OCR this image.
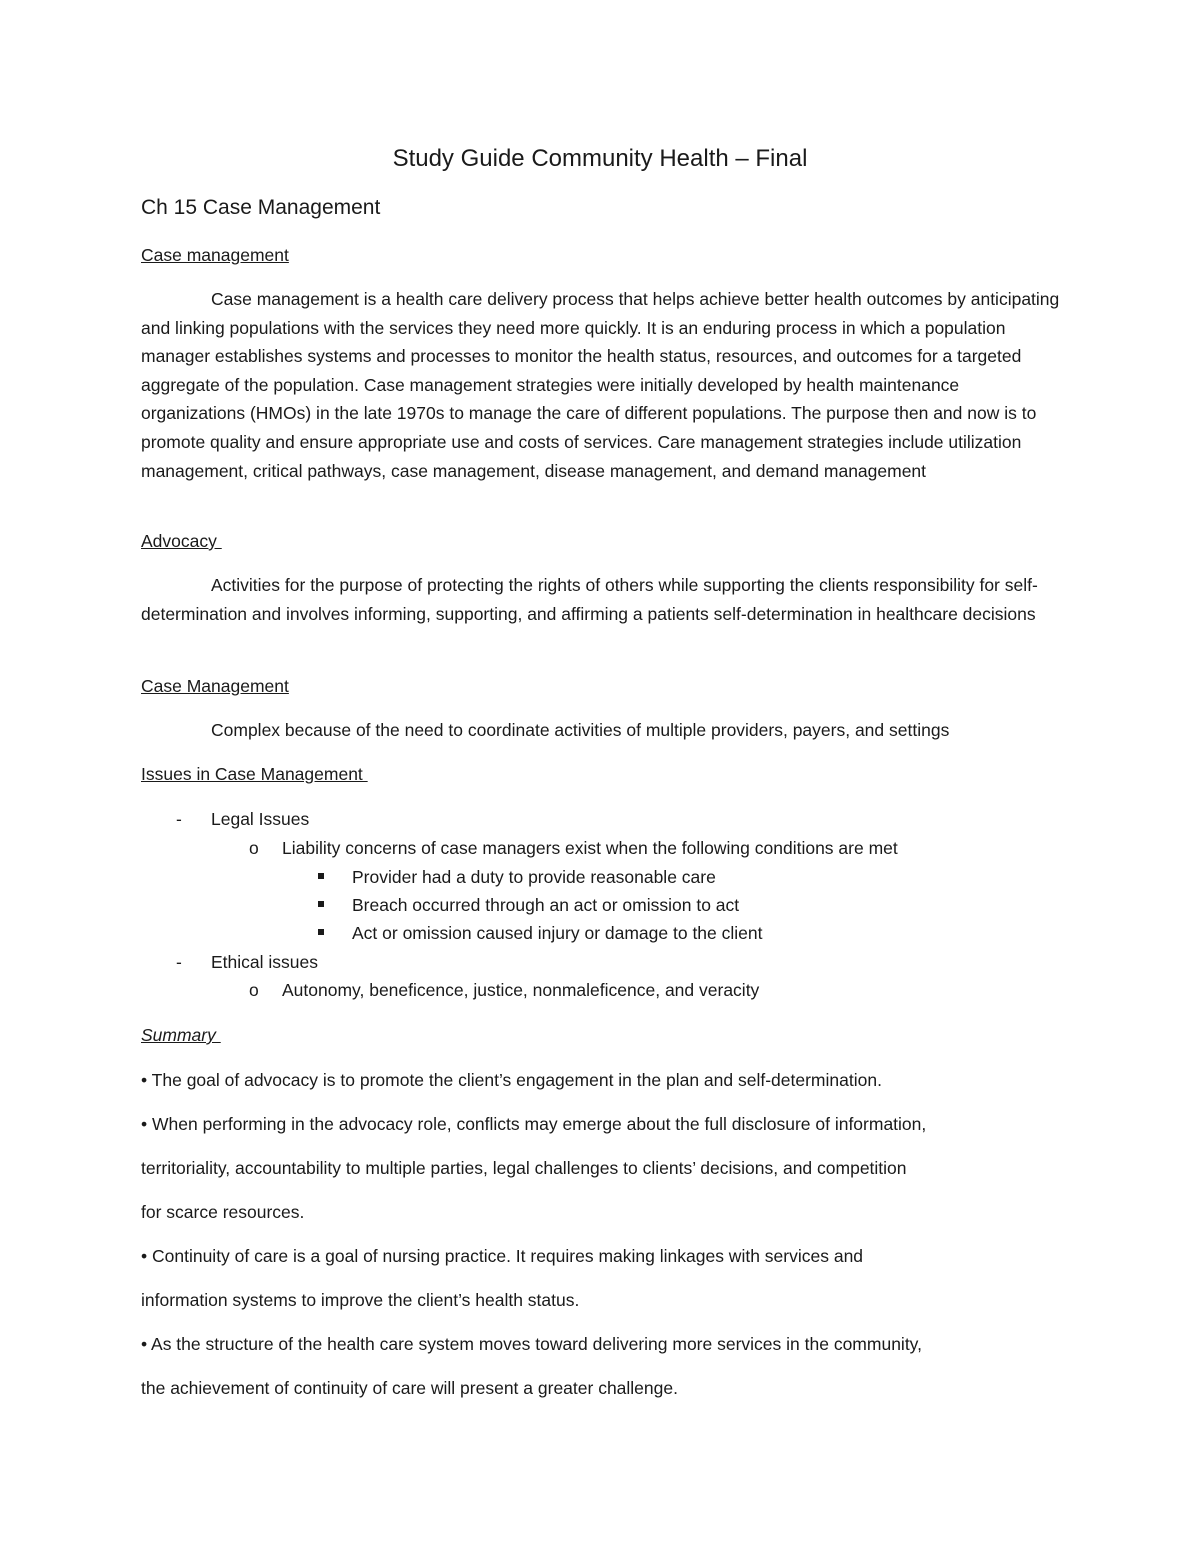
Study Guide Community Health – Final
Ch 15 Case Management
Case management

Case management is a health care delivery process that helps achieve better health outcomes by anticipating and linking populations with the services they need more quickly. It is an enduring process in which a population manager establishes systems and processes to monitor the health status, resources, and outcomes for a targeted aggregate of the population. Case management strategies were initially developed by health maintenance organizations (HMOs) in the late 1970s to manage the care of different populations. The purpose then and now is to promote quality and ensure appropriate use and costs of services. Care management strategies include utilization management, critical pathways, case management, disease management, and demand management

Advocacy

Activities for the purpose of protecting the rights of others while supporting the clients responsibility for self-determination and involves informing, supporting, and affirming a patients self-determination in healthcare decisions

Case Management

Complex because of the need to coordinate activities of multiple providers, payers, and settings

Issues in Case Management
- Legal Issues
o Liability concerns of case managers exist when the following conditions are met
Provider had a duty to provide reasonable care
Breach occurred through an act or omission to act
Act or omission caused injury or damage to the client
- Ethical issues
o Autonomy, beneficence, justice, nonmaleficence, and veracity
Summary
• The goal of advocacy is to promote the client’s engagement in the plan and self-determination.
• When performing in the advocacy role, conflicts may emerge about the full disclosure of information,
territoriality, accountability to multiple parties, legal challenges to clients’ decisions, and competition
for scarce resources.
• Continuity of care is a goal of nursing practice. It requires making linkages with services and
information systems to improve the client’s health status.
• As the structure of the health care system moves toward delivering more services in the community,
the achievement of continuity of care will present a greater challenge.
